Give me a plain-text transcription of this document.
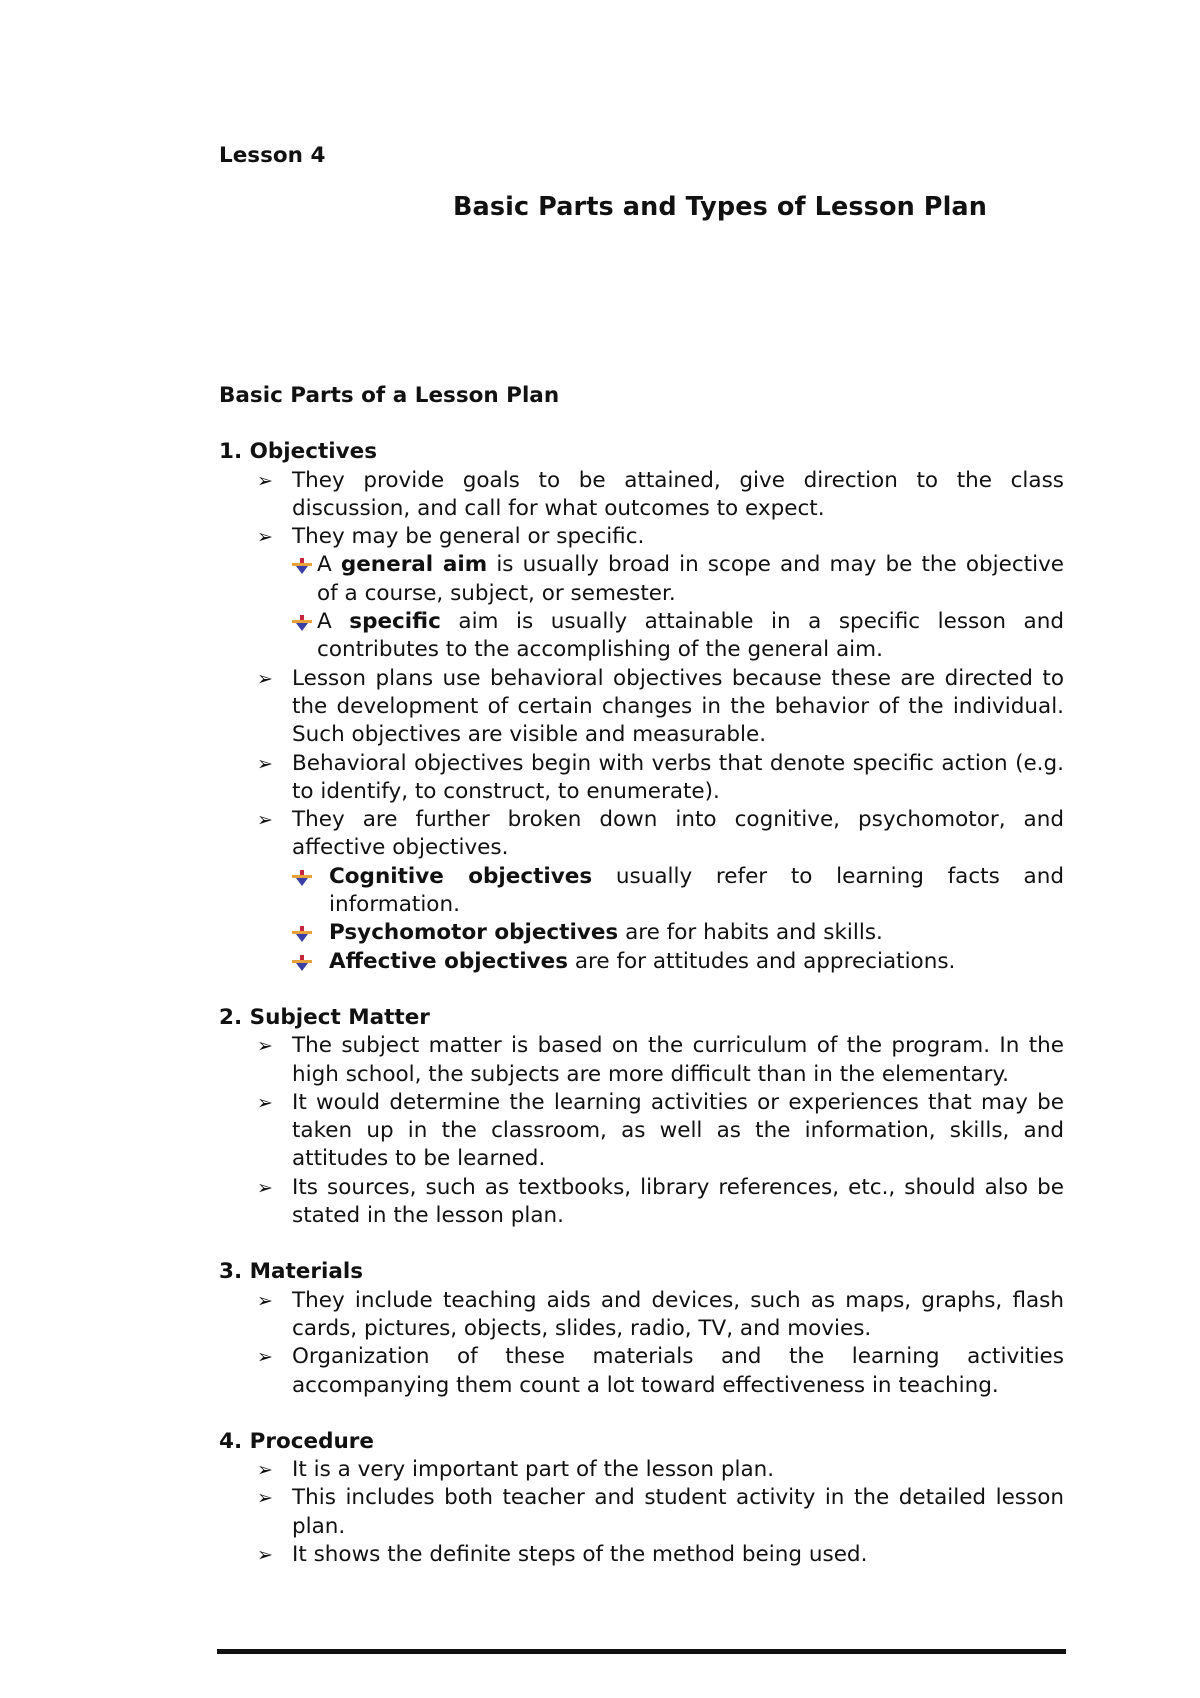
Lesson 4
Basic Parts and Types of Lesson Plan
Basic Parts of a Lesson Plan
1. Objectives
➢ They provide goals to be attained, give direction to the class discussion, and call for what outcomes to expect.
➢ They may be general or specific.
A general aim is usually broad in scope and may be the objective of a course, subject, or semester.
A specific aim is usually attainable in a specific lesson and contributes to the accomplishing of the general aim.
➢ Lesson plans use behavioral objectives because these are directed to the development of certain changes in the behavior of the individual. Such objectives are visible and measurable.
➢ Behavioral objectives begin with verbs that denote specific action (e.g. to identify, to construct, to enumerate).
➢ They are further broken down into cognitive, psychomotor, and affective objectives.
Cognitive objectives usually refer to learning facts and information.
Psychomotor objectives are for habits and skills.
Affective objectives are for attitudes and appreciations.
2. Subject Matter
➢ The subject matter is based on the curriculum of the program. In the high school, the subjects are more difficult than in the elementary.
➢ It would determine the learning activities or experiences that may be taken up in the classroom, as well as the information, skills, and attitudes to be learned.
➢ Its sources, such as textbooks, library references, etc., should also be stated in the lesson plan.
3. Materials
➢ They include teaching aids and devices, such as maps, graphs, flash cards, pictures, objects, slides, radio, TV, and movies.
➢ Organization of these materials and the learning activities accompanying them count a lot toward effectiveness in teaching.
4. Procedure
➢ It is a very important part of the lesson plan.
➢ This includes both teacher and student activity in the detailed lesson plan.
➢ It shows the definite steps of the method being used.
